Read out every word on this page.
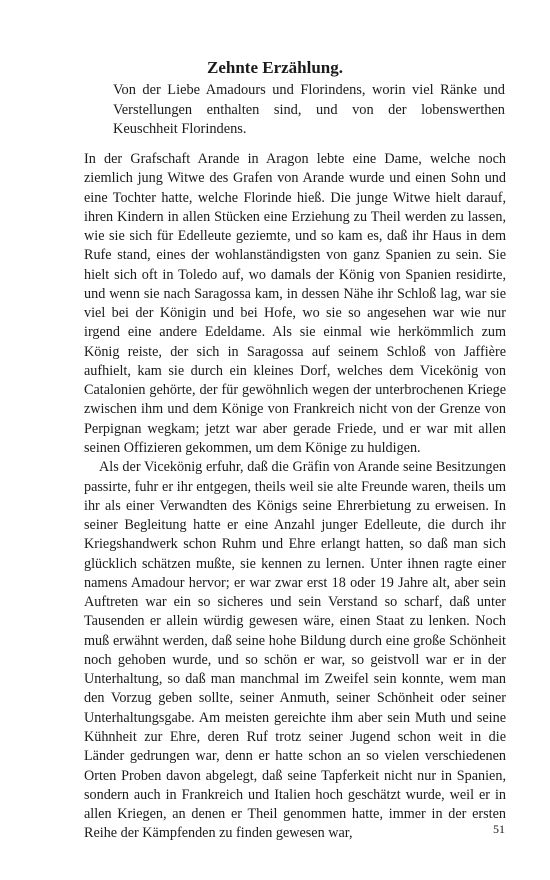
Zehnte Erzählung.

Von der Liebe Amadours und Florindens, worin viel Ränke und Verstellungen enthalten sind, und von der lobenswerthen Keuschheit Florindens.

In der Grafschaft Arande in Aragon lebte eine Dame, welche noch ziemlich jung Witwe des Grafen von Arande wurde und einen Sohn und eine Tochter hatte, welche Florinde hieß. Die junge Witwe hielt darauf, ihren Kindern in allen Stücken eine Erziehung zu Theil werden zu lassen, wie sie sich für Edelleute geziemte, und so kam es, daß ihr Haus in dem Rufe stand, eines der wohlanständigsten von ganz Spanien zu sein. Sie hielt sich oft in Toledo auf, wo damals der König von Spanien residirte, und wenn sie nach Saragossa kam, in dessen Nähe ihr Schloß lag, war sie viel bei der Königin und bei Hofe, wo sie so angesehen war wie nur irgend eine andere Edeldame. Als sie einmal wie herkömmlich zum König reiste, der sich in Saragossa auf seinem Schloß von Jaffière aufhielt, kam sie durch ein kleines Dorf, welches dem Vicekönig von Catalonien gehörte, der für gewöhnlich wegen der unterbrochenen Kriege zwischen ihm und dem Könige von Frankreich nicht von der Grenze von Perpignan wegkam; jetzt war aber gerade Friede, und er war mit allen seinen Offizieren gekommen, um dem Könige zu huldigen.

Als der Vicekönig erfuhr, daß die Gräfin von Arande seine Besitzungen passirte, fuhr er ihr entgegen, theils weil sie alte Freunde waren, theils um ihr als einer Verwandten des Königs seine Ehrerbietung zu erweisen. In seiner Begleitung hatte er eine Anzahl junger Edelleute, die durch ihr Kriegshandwerk schon Ruhm und Ehre erlangt hatten, so daß man sich glücklich schätzen mußte, sie kennen zu lernen. Unter ihnen ragte einer namens Amadour hervor; er war zwar erst 18 oder 19 Jahre alt, aber sein Auftreten war ein so sicheres und sein Verstand so scharf, daß unter Tausenden er allein würdig gewesen wäre, einen Staat zu lenken. Noch muß erwähnt werden, daß seine hohe Bildung durch eine große Schönheit noch gehoben wurde, und so schön er war, so geistvoll war er in der Unterhaltung, so daß man manchmal im Zweifel sein konnte, wem man den Vorzug geben sollte, seiner Anmuth, seiner Schönheit oder seiner Unterhaltungsgabe. Am meisten gereichte ihm aber sein Muth und seine Kühnheit zur Ehre, deren Ruf trotz seiner Jugend schon weit in die Länder gedrungen war, denn er hatte schon an so vielen verschiedenen Orten Proben davon abgelegt, daß seine Tapferkeit nicht nur in Spanien, sondern auch in Frankreich und Italien hoch geschätzt wurde, weil er in allen Kriegen, an denen er Theil genommen hatte, immer in der ersten Reihe der Kämpfenden zu finden gewesen war,	51
